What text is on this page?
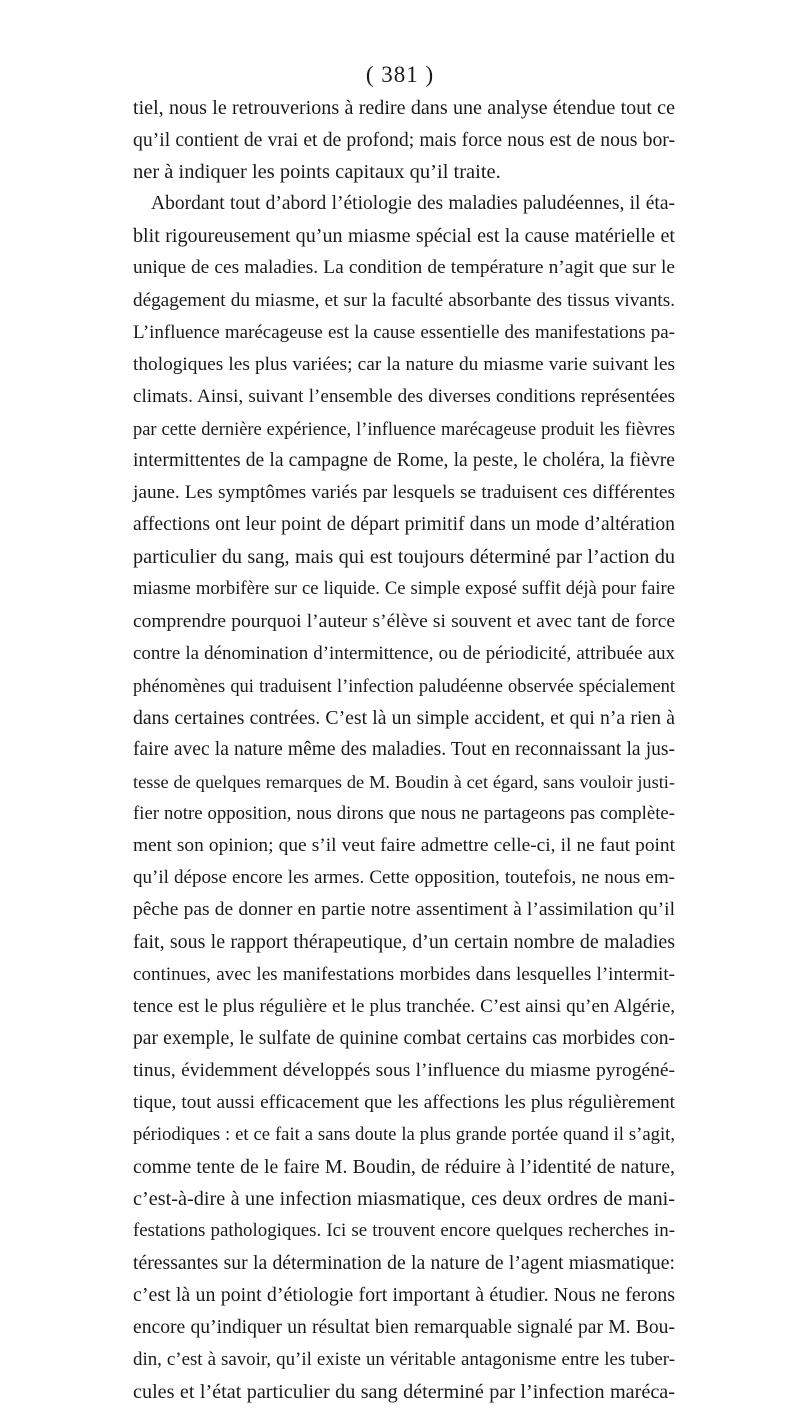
( 381 )
tiel, nous le retrouverions à redire dans une analyse étendue tout ce
qu’il contient de vrai et de profond; mais force nous est de nous bor-
ner à indiquer les points capitaux qu’il traite.
Abordant tout d’abord l’étiologie des maladies paludéennes, il éta-
blit rigoureusement qu’un miasme spécial est la cause matérielle et
unique de ces maladies. La condition de température n’agit que sur le
dégagement du miasme, et sur la faculté absorbante des tissus vivants.
L’influence marécageuse est la cause essentielle des manifestations pa-
thologiques les plus variées; car la nature du miasme varie suivant les
climats. Ainsi, suivant l’ensemble des diverses conditions représentées
par cette dernière expérience, l’influence marécageuse produit les fièvres
intermittentes de la campagne de Rome, la peste, le choléra, la fièvre
jaune. Les symptômes variés par lesquels se traduisent ces différentes
affections ont leur point de départ primitif dans un mode d’altération
particulier du sang, mais qui est toujours déterminé par l’action du
miasme morbifère sur ce liquide. Ce simple exposé suffit déjà pour faire
comprendre pourquoi l’auteur s’élève si souvent et avec tant de force
contre la dénomination d’intermittence, ou de périodicité, attribuée aux
phénomènes qui traduisent l’infection paludéenne observée spécialement
dans certaines contrées. C’est là un simple accident, et qui n’a rien à
faire avec la nature même des maladies. Tout en reconnaissant la jus-
tesse de quelques remarques de M. Boudin à cet égard, sans vouloir justi-
fier notre opposition, nous dirons que nous ne partageons pas complète-
ment son opinion; que s’il veut faire admettre celle-ci, il ne faut point
qu’il dépose encore les armes. Cette opposition, toutefois, ne nous em-
pêche pas de donner en partie notre assentiment à l’assimilation qu’il
fait, sous le rapport thérapeutique, d’un certain nombre de maladies
continues, avec les manifestations morbides dans lesquelles l’intermit-
tence est le plus régulière et le plus tranchée. C’est ainsi qu’en Algérie,
par exemple, le sulfate de quinine combat certains cas morbides con-
tinus, évidemment développés sous l’influence du miasme pyrogéné-
tique, tout aussi efficacement que les affections les plus régulièrement
périodiques : et ce fait a sans doute la plus grande portée quand il s’agit,
comme tente de le faire M. Boudin, de réduire à l’identité de nature,
c’est-à-dire à une infection miasmatique, ces deux ordres de mani-
festations pathologiques. Ici se trouvent encore quelques recherches in-
téressantes sur la détermination de la nature de l’agent miasmatique:
c’est là un point d’étiologie fort important à étudier. Nous ne ferons
encore qu’indiquer un résultat bien remarquable signalé par M. Bou-
din, c’est à savoir, qu’il existe un véritable antagonisme entre les tuber-
cules et l’état particulier du sang déterminé par l’infection maréca-
